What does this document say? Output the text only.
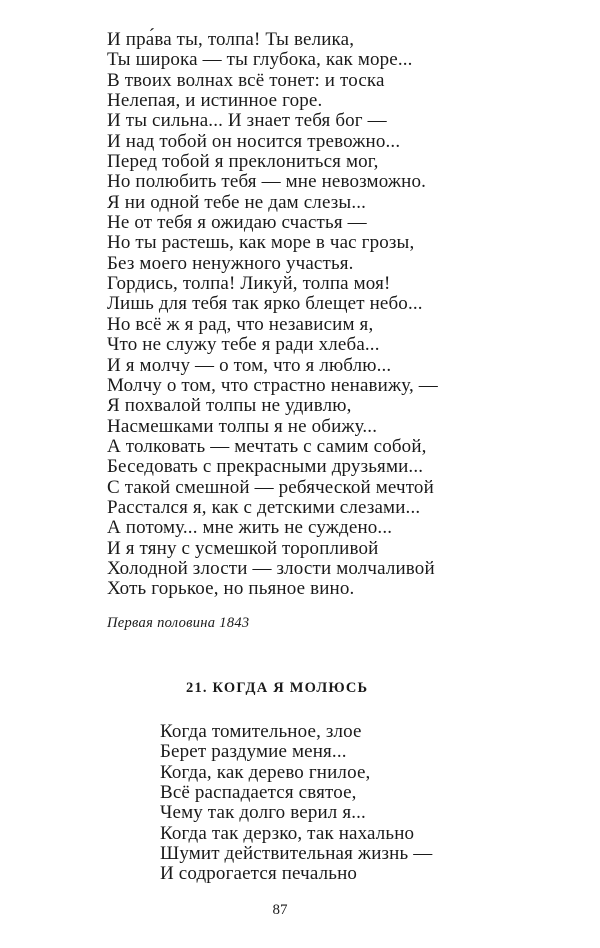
И пра́ва ты, толпа! Ты велика,
Ты широка — ты глубока, как море...
В твоих волнах всё тонет: и тоска
Нелепая, и истинное горе.
И ты сильна... И знает тебя бог —
И над тобой он носится тревожно...
Перед тобой я преклониться мог,
Но полюбить тебя — мне невозможно.
Я ни одной тебе не дам слезы...
Не от тебя я ожидаю счастья —
Но ты растешь, как море в час грозы,
Без моего ненужного участья.
Гордись, толпа! Ликуй, толпа моя!
Лишь для тебя так ярко блещет небо...
Но всё ж я рад, что независим я,
Что не служу тебе я ради хлеба...
И я молчу — о том, что я люблю...
Молчу о том, что страстно ненавижу, —
Я похвалой толпы не удивлю,
Насмешками толпы я не обижу...
А толковать — мечтать с самим собой,
Беседовать с прекрасными друзьями...
С такой смешной — ребяческой мечтой
Расстался я, как с детскими слезами...
А потому... мне жить не суждено...
И я тяну с усмешкой торопливой
Холодной злости — злости молчаливой
Хоть горькое, но пьяное вино.
Первая половина 1843
21. КОГДА Я МОЛЮСЬ
Когда томительное, злое
Берет раздумие меня...
Когда, как дерево гнилое,
Всё распадается святое,
Чему так долго верил я...
Когда так дерзко, так нахально
Шумит действительная жизнь —
И содрогается печально
87
